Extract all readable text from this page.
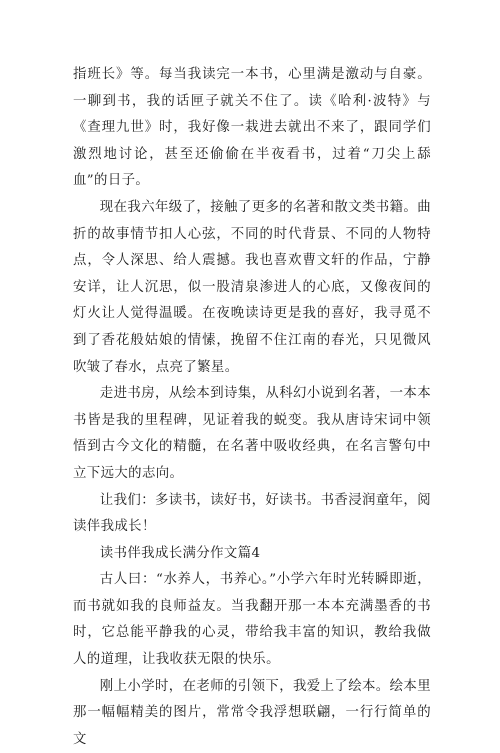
指班长》等。每当我读完一本书，心里满是激动与自豪。一聊到书，我的话匣子就关不住了。读《哈利·波特》与《查理九世》时，我好像一栽进去就出不来了，跟同学们激烈地讨论，甚至还偷偷在半夜看书，过着“刀尖上舔血”的日子。

现在我六年级了，接触了更多的名著和散文类书籍。曲折的故事情节扣人心弦，不同的时代背景、不同的人物特点，令人深思、给人震撼。我也喜欢曹文轩的作品，宁静安详，让人沉思，似一股清泉渗进人的心底，又像夜间的灯火让人觉得温暖。在夜晚读诗更是我的喜好，我寻觅不到了香花般姑娘的情愫，挽留不住江南的春光，只见微风吹皱了春水，点亮了繁星。

走进书房，从绘本到诗集，从科幻小说到名著，一本本书皆是我的里程碑，见证着我的蜕变。我从唐诗宋词中领悟到古今文化的精髓，在名著中吸收经典，在名言警句中立下远大的志向。

让我们：多读书，读好书，好读书。书香浸润童年，阅读伴我成长！

读书伴我成长满分作文篇4

古人曰：“水养人，书养心。”小学六年时光转瞬即逝，而书就如我的良师益友。当我翻开那一本本充满墨香的书时，它总能平静我的心灵，带给我丰富的知识，教给我做人的道理，让我收获无限的快乐。

刚上小学时，在老师的引领下，我爱上了绘本。绘本里那一幅幅精美的图片，常常令我浮想联翩，一行行简单的文
